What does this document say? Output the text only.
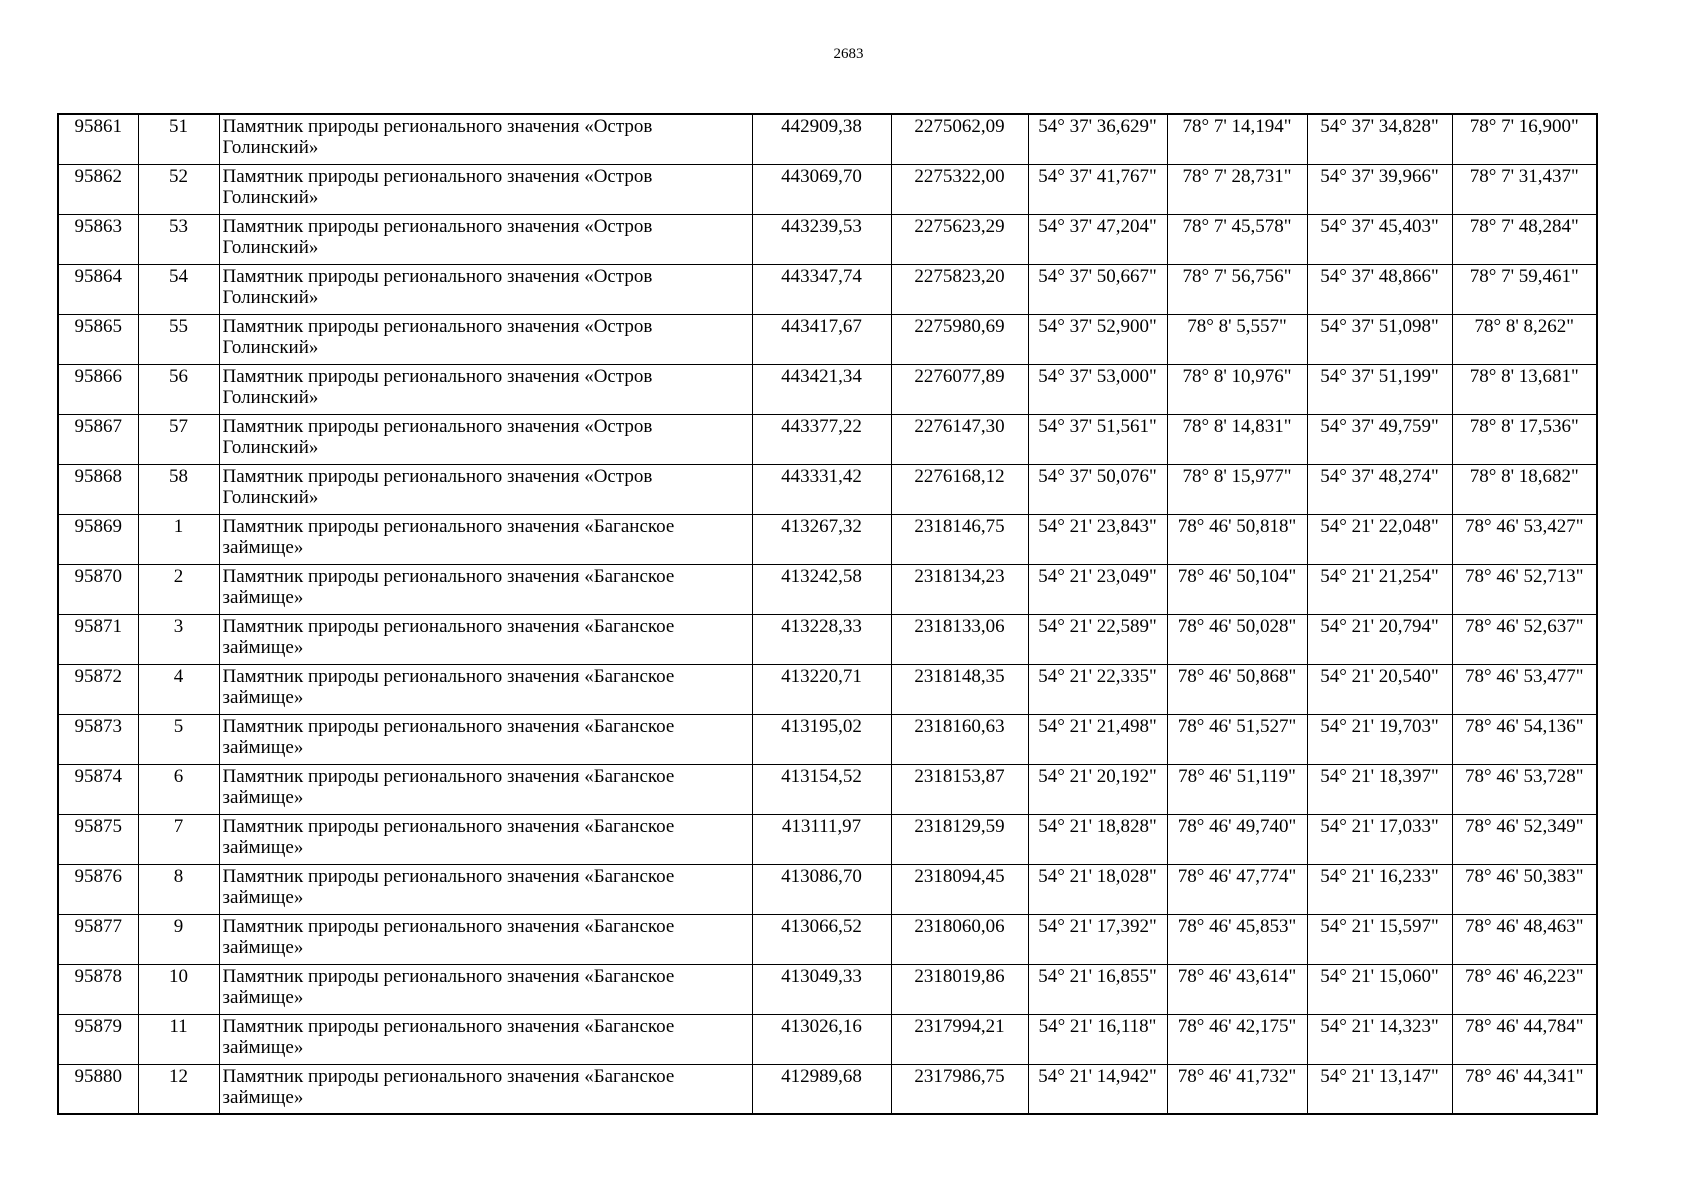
2683
95861	51	Памятник природы регионального значения «Остров Голинский»	442909,38	2275062,09	54° 37' 36,629"	78° 7' 14,194"	54° 37' 34,828"	78° 7' 16,900"
95862	52	Памятник природы регионального значения «Остров Голинский»	443069,70	2275322,00	54° 37' 41,767"	78° 7' 28,731"	54° 37' 39,966"	78° 7' 31,437"
95863	53	Памятник природы регионального значения «Остров Голинский»	443239,53	2275623,29	54° 37' 47,204"	78° 7' 45,578"	54° 37' 45,403"	78° 7' 48,284"
95864	54	Памятник природы регионального значения «Остров Голинский»	443347,74	2275823,20	54° 37' 50,667"	78° 7' 56,756"	54° 37' 48,866"	78° 7' 59,461"
95865	55	Памятник природы регионального значения «Остров Голинский»	443417,67	2275980,69	54° 37' 52,900"	78° 8' 5,557"	54° 37' 51,098"	78° 8' 8,262"
95866	56	Памятник природы регионального значения «Остров Голинский»	443421,34	2276077,89	54° 37' 53,000"	78° 8' 10,976"	54° 37' 51,199"	78° 8' 13,681"
95867	57	Памятник природы регионального значения «Остров Голинский»	443377,22	2276147,30	54° 37' 51,561"	78° 8' 14,831"	54° 37' 49,759"	78° 8' 17,536"
95868	58	Памятник природы регионального значения «Остров Голинский»	443331,42	2276168,12	54° 37' 50,076"	78° 8' 15,977"	54° 37' 48,274"	78° 8' 18,682"
95869	1	Памятник природы регионального значения «Баганское займище»	413267,32	2318146,75	54° 21' 23,843"	78° 46' 50,818"	54° 21' 22,048"	78° 46' 53,427"
95870	2	Памятник природы регионального значения «Баганское займище»	413242,58	2318134,23	54° 21' 23,049"	78° 46' 50,104"	54° 21' 21,254"	78° 46' 52,713"
95871	3	Памятник природы регионального значения «Баганское займище»	413228,33	2318133,06	54° 21' 22,589"	78° 46' 50,028"	54° 21' 20,794"	78° 46' 52,637"
95872	4	Памятник природы регионального значения «Баганское займище»	413220,71	2318148,35	54° 21' 22,335"	78° 46' 50,868"	54° 21' 20,540"	78° 46' 53,477"
95873	5	Памятник природы регионального значения «Баганское займище»	413195,02	2318160,63	54° 21' 21,498"	78° 46' 51,527"	54° 21' 19,703"	78° 46' 54,136"
95874	6	Памятник природы регионального значения «Баганское займище»	413154,52	2318153,87	54° 21' 20,192"	78° 46' 51,119"	54° 21' 18,397"	78° 46' 53,728"
95875	7	Памятник природы регионального значения «Баганское займище»	413111,97	2318129,59	54° 21' 18,828"	78° 46' 49,740"	54° 21' 17,033"	78° 46' 52,349"
95876	8	Памятник природы регионального значения «Баганское займище»	413086,70	2318094,45	54° 21' 18,028"	78° 46' 47,774"	54° 21' 16,233"	78° 46' 50,383"
95877	9	Памятник природы регионального значения «Баганское займище»	413066,52	2318060,06	54° 21' 17,392"	78° 46' 45,853"	54° 21' 15,597"	78° 46' 48,463"
95878	10	Памятник природы регионального значения «Баганское займище»	413049,33	2318019,86	54° 21' 16,855"	78° 46' 43,614"	54° 21' 15,060"	78° 46' 46,223"
95879	11	Памятник природы регионального значения «Баганское займище»	413026,16	2317994,21	54° 21' 16,118"	78° 46' 42,175"	54° 21' 14,323"	78° 46' 44,784"
95880	12	Памятник природы регионального значения «Баганское займище»	412989,68	2317986,75	54° 21' 14,942"	78° 46' 41,732"	54° 21' 13,147"	78° 46' 44,341"
